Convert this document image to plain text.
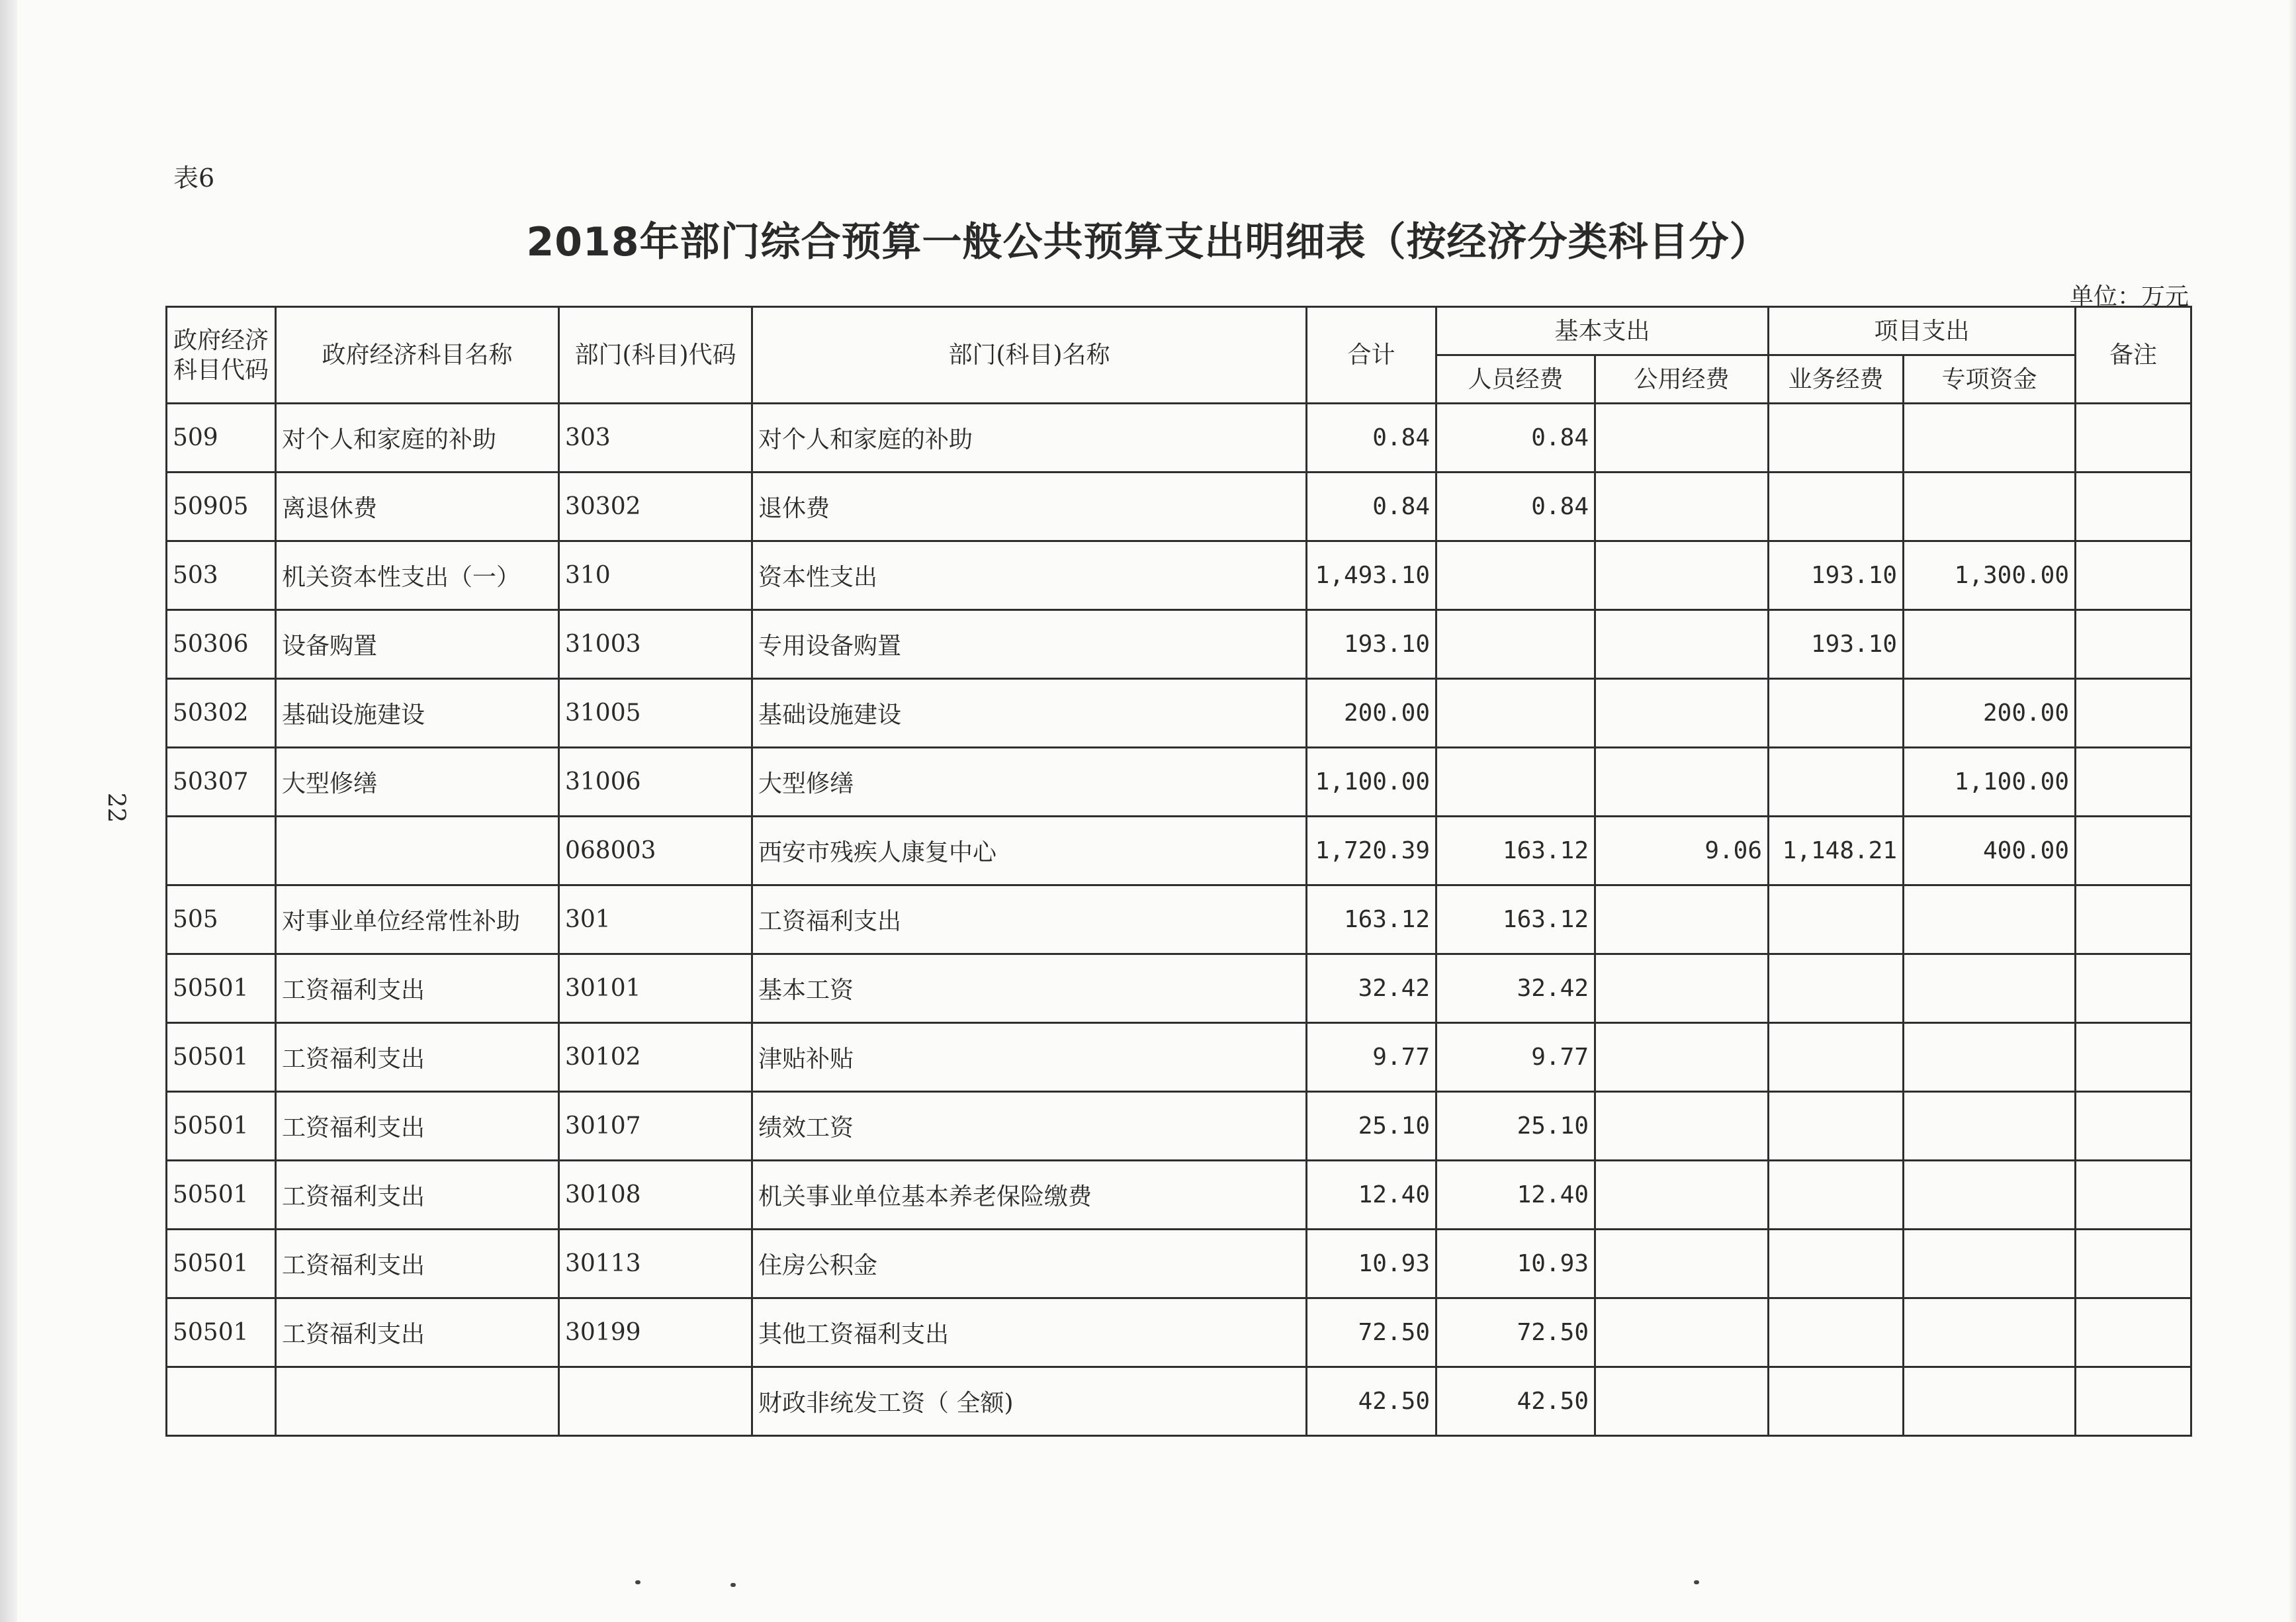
表6
2018年部门综合预算一般公共预算支出明细表（按经济分类科目分）
单位：万元
22
政府经济科目代码	政府经济科目名称	部门(科目)代码	部门(科目)名称	合计	基本支出		项目支出		备注
					人员经费	公用经费	业务经费	专项资金	
509	对个人和家庭的补助	303	对个人和家庭的补助	0.84	0.84				
50905	离退休费	30302	退休费	0.84	0.84				
503	机关资本性支出（一）	310	资本性支出	1,493.10			193.10	1,300.00	
50306	设备购置	31003	专用设备购置	193.10			193.10		
50302	基础设施建设	31005	基础设施建设	200.00				200.00	
50307	大型修缮	31006	大型修缮	1,100.00				1,100.00	
		068003	西安市残疾人康复中心	1,720.39	163.12	9.06	1,148.21	400.00	
505	对事业单位经常性补助	301	工资福利支出	163.12	163.12				
50501	工资福利支出	30101	基本工资	32.42	32.42				
50501	工资福利支出	30102	津贴补贴	9.77	9.77				
50501	工资福利支出	30107	绩效工资	25.10	25.10				
50501	工资福利支出	30108	机关事业单位基本养老保险缴费	12.40	12.40				
50501	工资福利支出	30113	住房公积金	10.93	10.93				
50501	工资福利支出	30199	其他工资福利支出	72.50	72.50				
			财政非统发工资（ 全额)	42.50	42.50				
